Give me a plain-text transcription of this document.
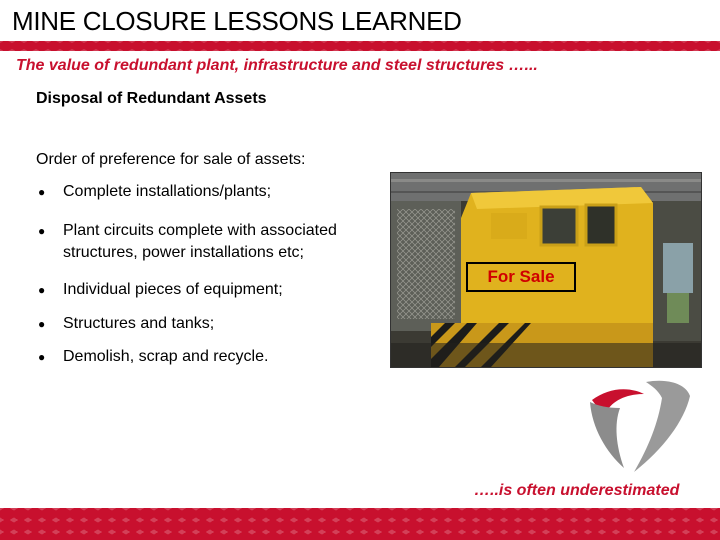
MINE CLOSURE LESSONS LEARNED

The value of redundant plant, infrastructure and steel structures …...

Disposal of Redundant Assets
Order of preference for sale of assets:
● Complete installations/plants;
● Plant circuits complete with associated
structures, power installations etc;
● Individual pieces of equipment;
● Structures and tanks;
● Demolish, scrap and recycle.
For Sale
…..is often underestimated
